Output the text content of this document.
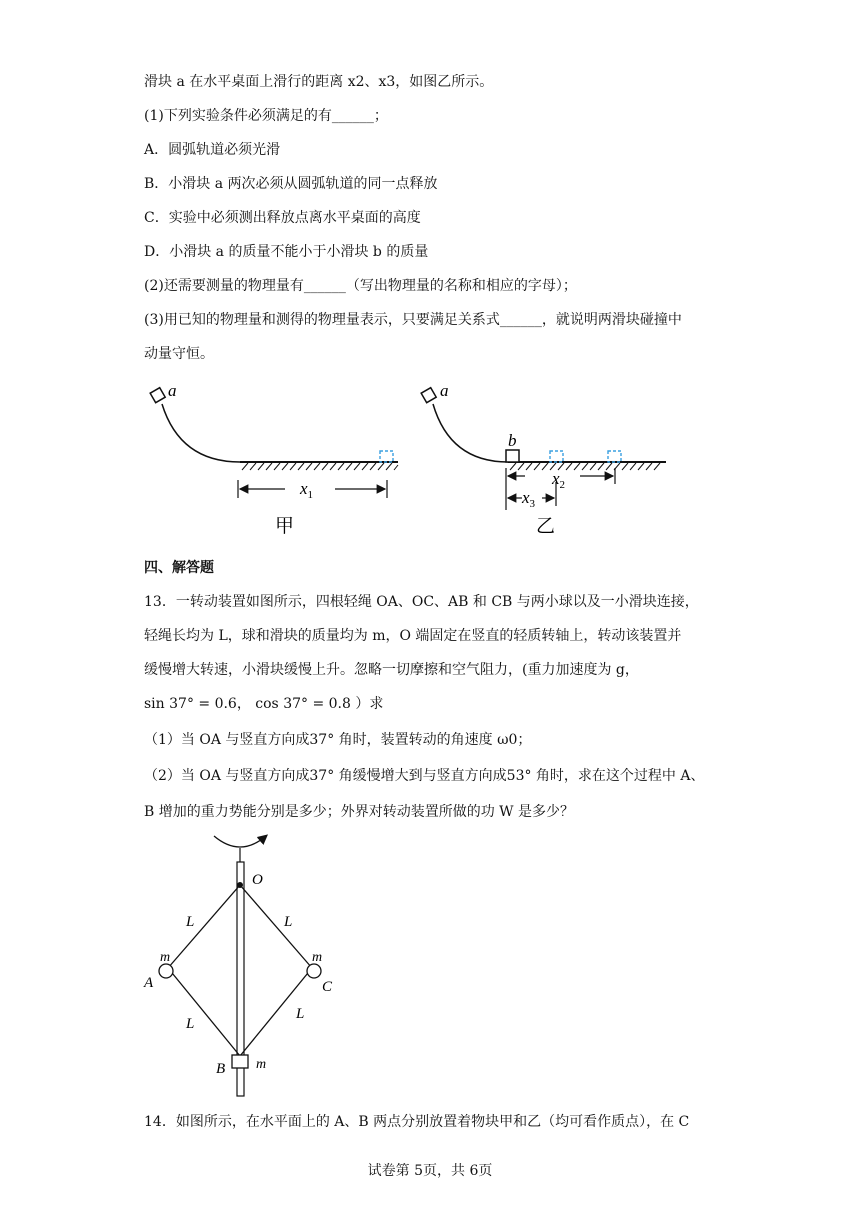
滑块 a 在水平桌面上滑行的距离 x2、x3，如图乙所示。
(1)下列实验条件必须满足的有______；
A．圆弧轨道必须光滑
B．小滑块 a 两次必须从圆弧轨道的同一点释放
C．实验中必须测出释放点离水平桌面的高度
D．小滑块 a 的质量不能小于小滑块 b 的质量
(2)还需要测量的物理量有______（写出物理量的名称和相应的字母）；
(3)用已知的物理量和测得的物理量表示，只要满足关系式______，就说明两滑块碰撞中
动量守恒。
a
$x_1$
甲
a
b
$x_2$
$x_3$
乙
四、解答题
13．一转动装置如图所示，四根轻绳 OA、OC、AB 和 CB 与两小球以及一小滑块连接，
轻绳长均为 L，球和滑块的质量均为 m，O 端固定在竖直的轻质转轴上，转动该装置并
缓慢增大转速，小滑块缓慢上升。忽略一切摩擦和空气阻力，(重力加速度为 g，
sin 37° = 0.6， cos 37° = 0.8 ）求
（1）当 OA 与竖直方向成37° 角时，装置转动的角速度 ω0；
（2）当 OA 与竖直方向成37° 角缓慢增大到与竖直方向成53° 角时，求在这个过程中 A、
B 增加的重力势能分别是多少；外界对转动装置所做的功 W 是多少？
O
L	L
m	m
A	C
L
L
B m
14．如图所示，在水平面上的 A、B 两点分别放置着物块甲和乙（均可看作质点），在 C
试卷第 5页，共 6页
